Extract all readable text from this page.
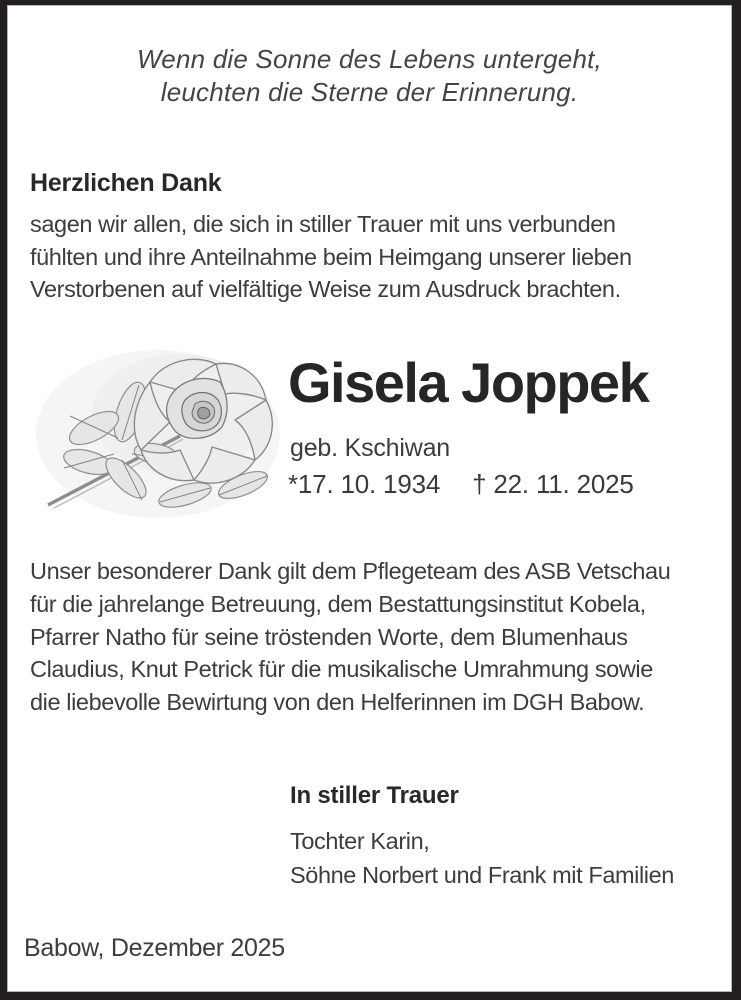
Wenn die Sonne des Lebens untergeht,
leuchten die Sterne der Erinnerung.
Herzlichen Dank
sagen wir allen, die sich in stiller Trauer mit uns verbunden
fühlten und ihre Anteilnahme beim Heimgang unserer lieben
Verstorbenen auf vielfältige Weise zum Ausdruck brachten.
Gisela Joppek
geb. Kschiwan
*17. 10. 1934 † 22. 11. 2025
Unser besonderer Dank gilt dem Pflegeteam des ASB Vetschau
für die jahrelange Betreuung, dem Bestattungsinstitut Kobela,
Pfarrer Natho für seine tröstenden Worte, dem Blumenhaus
Claudius, Knut Petrick für die musikalische Umrahmung sowie
die liebevolle Bewirtung von den Helferinnen im DGH Babow.
In stiller Trauer
Tochter Karin,
Söhne Norbert und Frank mit Familien
Babow, Dezember 2025
